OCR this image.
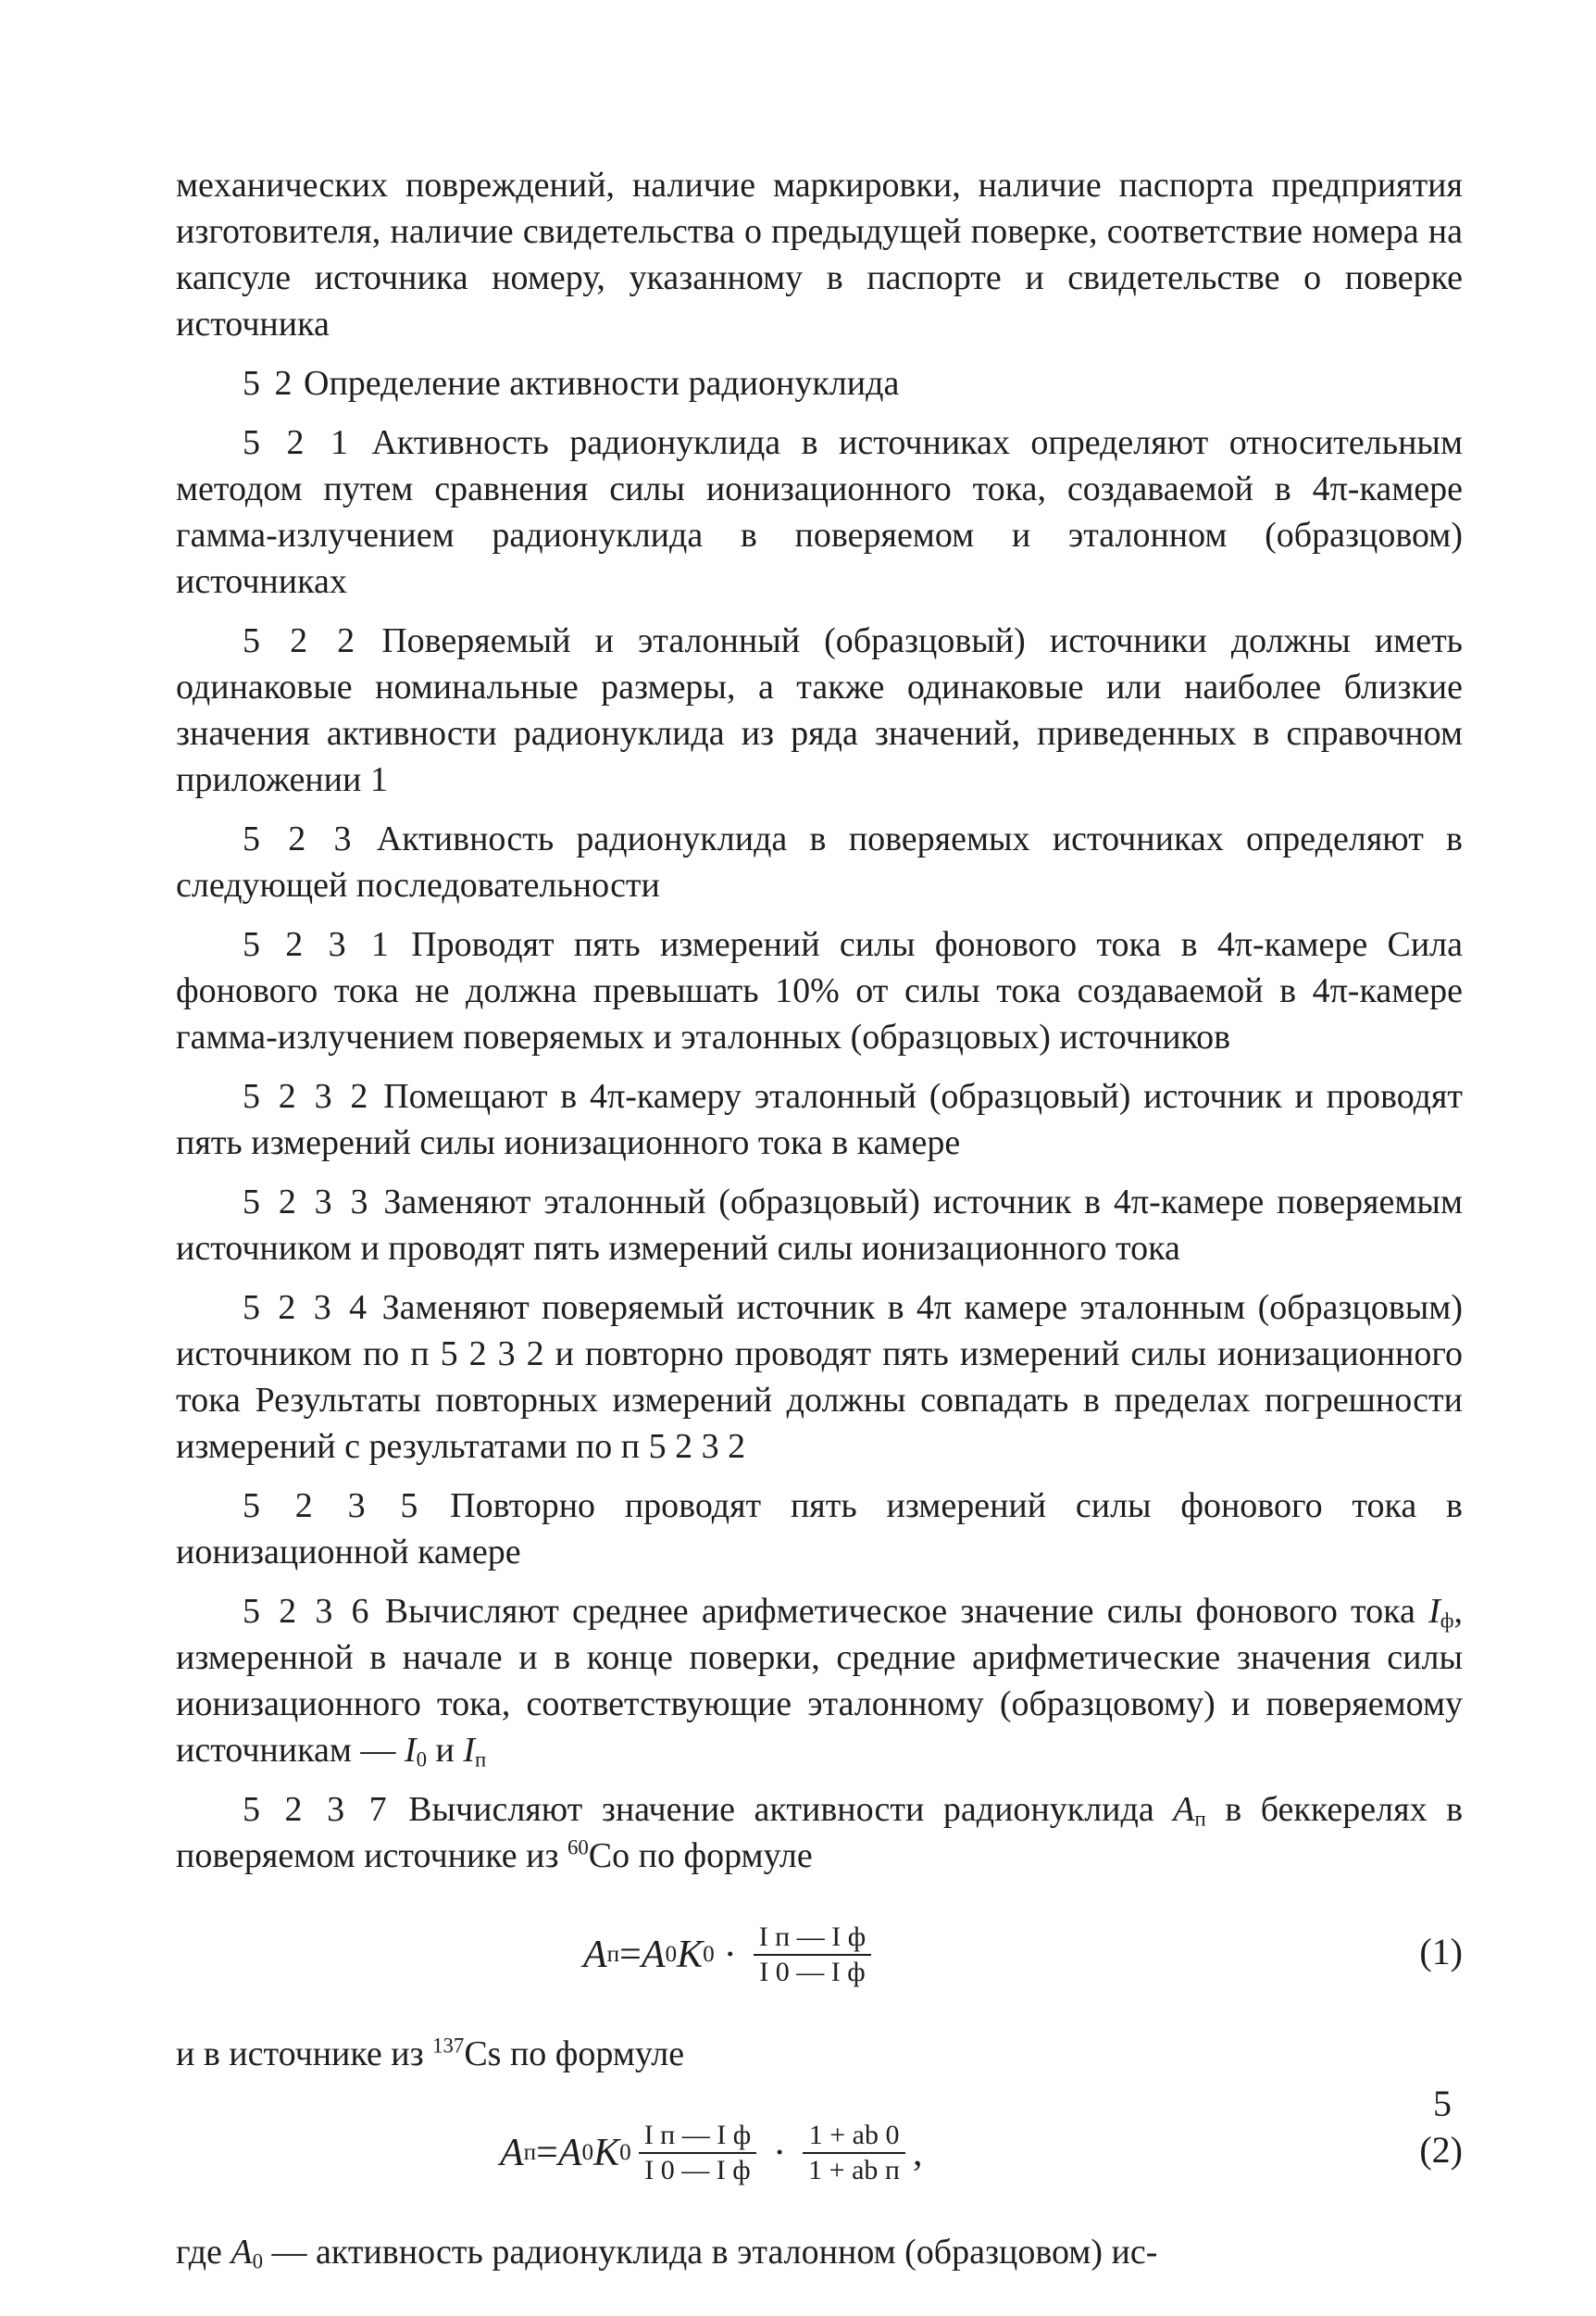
меxанических повреждений, наличие маркировки, наличие паспорта предприятия изготовителя, наличие свидетельства о предыдущей поверке, соответствие номера на капсуле источника номеру, указанному в паспорте и свидетельстве о поверке источника

5 2 Определение активности радионуклида

5 2 1 Активность радионуклида в источниках определяют относительным методом путем сравнения силы ионизационного тока, создаваемой в 4π-камере гамма-излучением радионуклида в поверяемом и эталонном (образцовом) источниках

5 2 2 Поверяемый и эталонный (образцовый) источники должны иметь одинаковые номинальные размеры, а также одинаковые или наиболее близкие значения активности радионуклида из ряда значений, приведенных в справочном приложении 1

5 2 3 Активность радионуклида в поверяемых источниках определяют в следующей последовательности

5 2 3 1 Проводят пять измерений силы фонового тока в 4π-камере Сила фонового тока не должна превышать 10% от силы тока создаваемой в 4π-камере гамма-излучением поверяемых и эталонных (образцовых) источников

5 2 3 2 Помещают в 4π-камеру эталонный (образцовый) источник и проводят пять измерений силы ионизационного тока в камере

5 2 3 3 Заменяют эталонный (образцовый) источник в 4π-камере поверяемым источником и проводят пять измерений силы ионизационного тока

5 2 3 4 Заменяют поверяемый источник в 4π камере эталонным (образцовым) источником по п 5 2 3 2 и повторно проводят пять измерений силы ионизационного тока Результаты повторных измерений должны совпадать в пределах погрешности измерений с результатами по п 5 2 3 2

5 2 3 5 Повторно проводят пять измерений силы фонового тока в ионизационной камере

5 2 3 6 Вычисляют среднее арифметическое значение силы фонового тока $I_ф$, измеренной в начале и в конце поверки, средние арифметические значения силы ионизационного тока, соответствующие эталонному (образцовому) и поверяемому источникам — $I_0$ и $I_п$

5 2 3 7 Вычисляют значение активности радионуклида $A_п$ в беккерелях в поверяемом источнике из $^{60}$Co по формуле

A п = A 0 K $0 \cdot \frac{\text{I п — I ф}}{\text{I 0 — I ф}}$	(1)

и в источнике из $^{137}$Cs по формуле

A п = A 0 K $0 \frac{\text{I п — I ф}}{\text{I 0 — I ф}} \cdot \frac{1 + ab 0}{\text{1 + ab п}}$ ,	(2)

где $A_0$ — активность радионуклида в эталонном (образцовом) ис-

5
